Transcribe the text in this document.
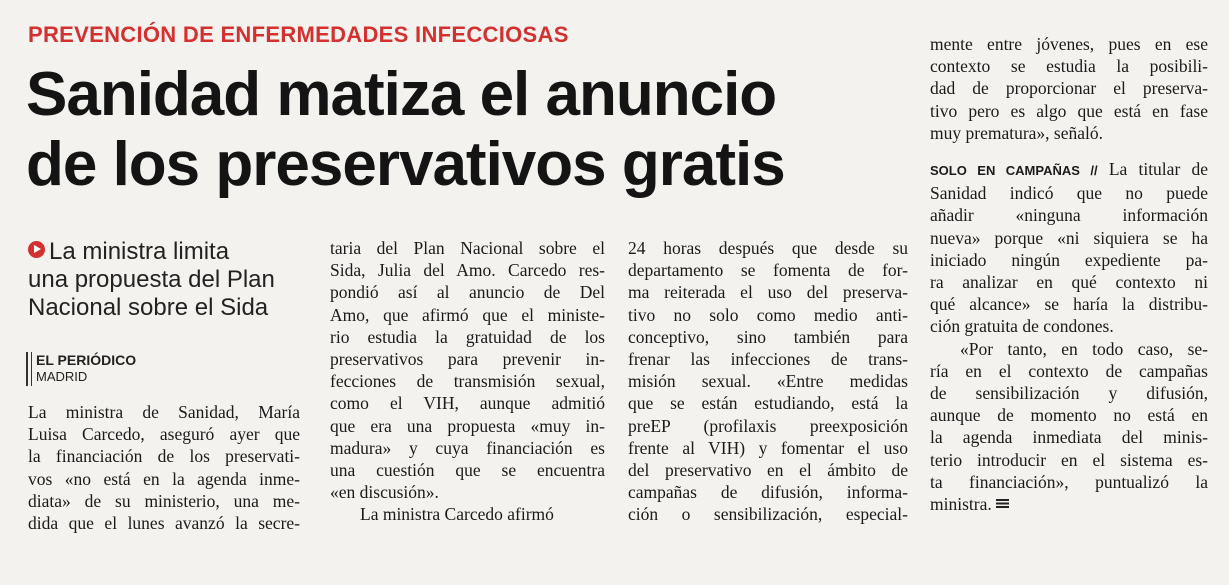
PREVENCIÓN DE ENFERMEDADES INFECCIOSAS
Sanidad matiza el anuncio
de los preservativos gratis
La ministra limita
una propuesta del Plan
Nacional sobre el Sida
EL PERIÓDICO
MADRID
La ministra de Sanidad, María
Luisa Carcedo, aseguró ayer que
la financiación de los preservati-
vos «no está en la agenda inme-
diata» de su ministerio, una me-
dida que el lunes avanzó la secre-
taria del Plan Nacional sobre el
Sida, Julia del Amo. Carcedo res-
pondió así al anuncio de Del
Amo, que afirmó que el ministe-
rio estudia la gratuidad de los
preservativos para prevenir in-
fecciones de transmisión sexual,
como el VIH, aunque admitió
que era una propuesta «muy in-
madura» y cuya financiación es
una cuestión que se encuentra
«en discusión».
La ministra Carcedo afirmó
24 horas después que desde su
departamento se fomenta de for-
ma reiterada el uso del preserva-
tivo no solo como medio anti-
conceptivo, sino también para
frenar las infecciones de trans-
misión sexual. «Entre medidas
que se están estudiando, está la
preEP (profilaxis preexposición
frente al VIH) y fomentar el uso
del preservativo en el ámbito de
campañas de difusión, informa-
ción o sensibilización, especial-
mente entre jóvenes, pues en ese
contexto se estudia la posibili-
dad de proporcionar el preserva-
tivo pero es algo que está en fase
muy prematura», señaló.
SOLO EN CAMPAÑAS // La titular de
Sanidad indicó que no puede
añadir «ninguna información
nueva» porque «ni siquiera se ha
iniciado ningún expediente pa-
ra analizar en qué contexto ni
qué alcance» se haría la distribu-
ción gratuita de condones.
«Por tanto, en todo caso, se-
ría en el contexto de campañas
de sensibilización y difusión,
aunque de momento no está en
la agenda inmediata del minis-
terio introducir en el sistema es-
ta financiación», puntualizó la
ministra.
